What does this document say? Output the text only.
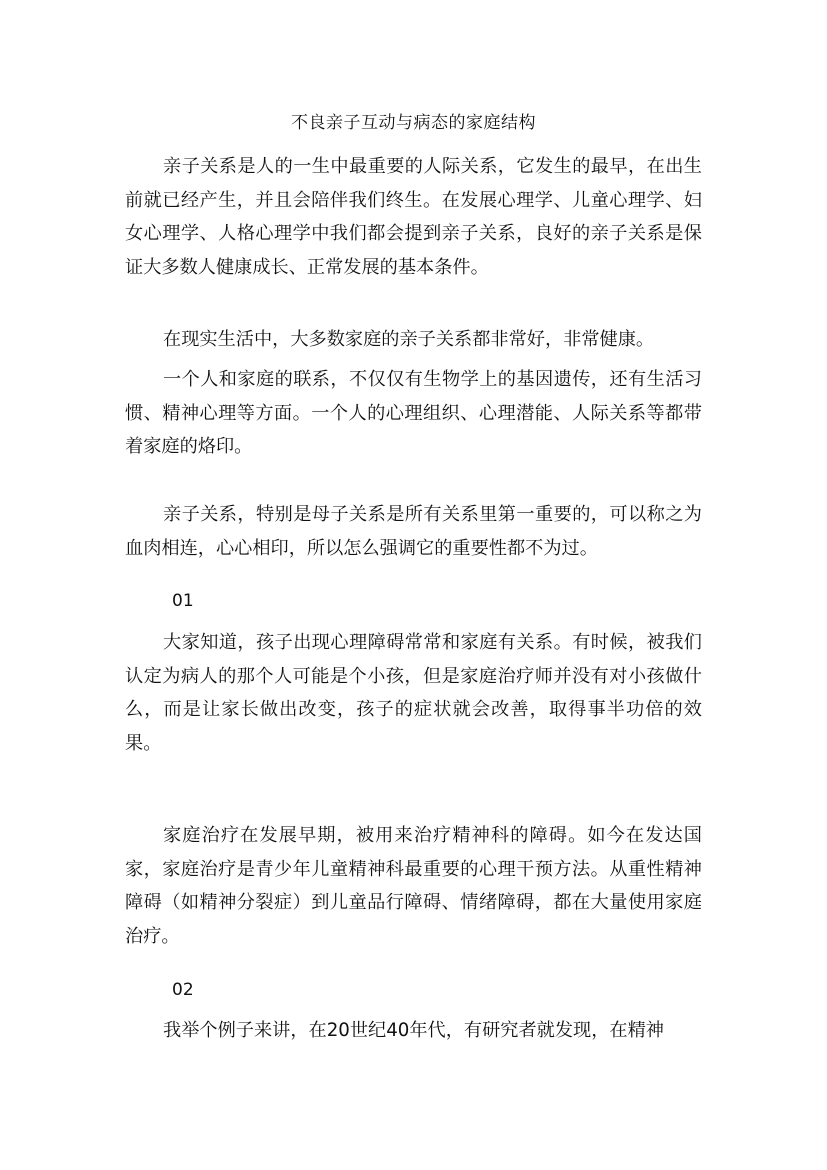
不良亲子互动与病态的家庭结构

亲子关系是人的一生中最重要的人际关系，它发生的最早，在出生前就已经产生，并且会陪伴我们终生。在发展心理学、儿童心理学、妇女心理学、人格心理学中我们都会提到亲子关系，良好的亲子关系是保证大多数人健康成长、正常发展的基本条件。

在现实生活中，大多数家庭的亲子关系都非常好，非常健康。

一个人和家庭的联系，不仅仅有生物学上的基因遗传，还有生活习惯、精神心理等方面。一个人的心理组织、心理潜能、人际关系等都带着家庭的烙印。

亲子关系，特别是母子关系是所有关系里第一重要的，可以称之为血肉相连，心心相印，所以怎么强调它的重要性都不为过。

01

大家知道，孩子出现心理障碍常常和家庭有关系。有时候，被我们认定为病人的那个人可能是个小孩，但是家庭治疗师并没有对小孩做什么，而是让家长做出改变，孩子的症状就会改善，取得事半功倍的效果。

家庭治疗在发展早期，被用来治疗精神科的障碍。如今在发达国家，家庭治疗是青少年儿童精神科最重要的心理干预方法。从重性精神障碍（如精神分裂症）到儿童品行障碍、情绪障碍，都在大量使用家庭治疗。

02

我举个例子来讲，在20世纪40年代，有研究者就发现，在精神
